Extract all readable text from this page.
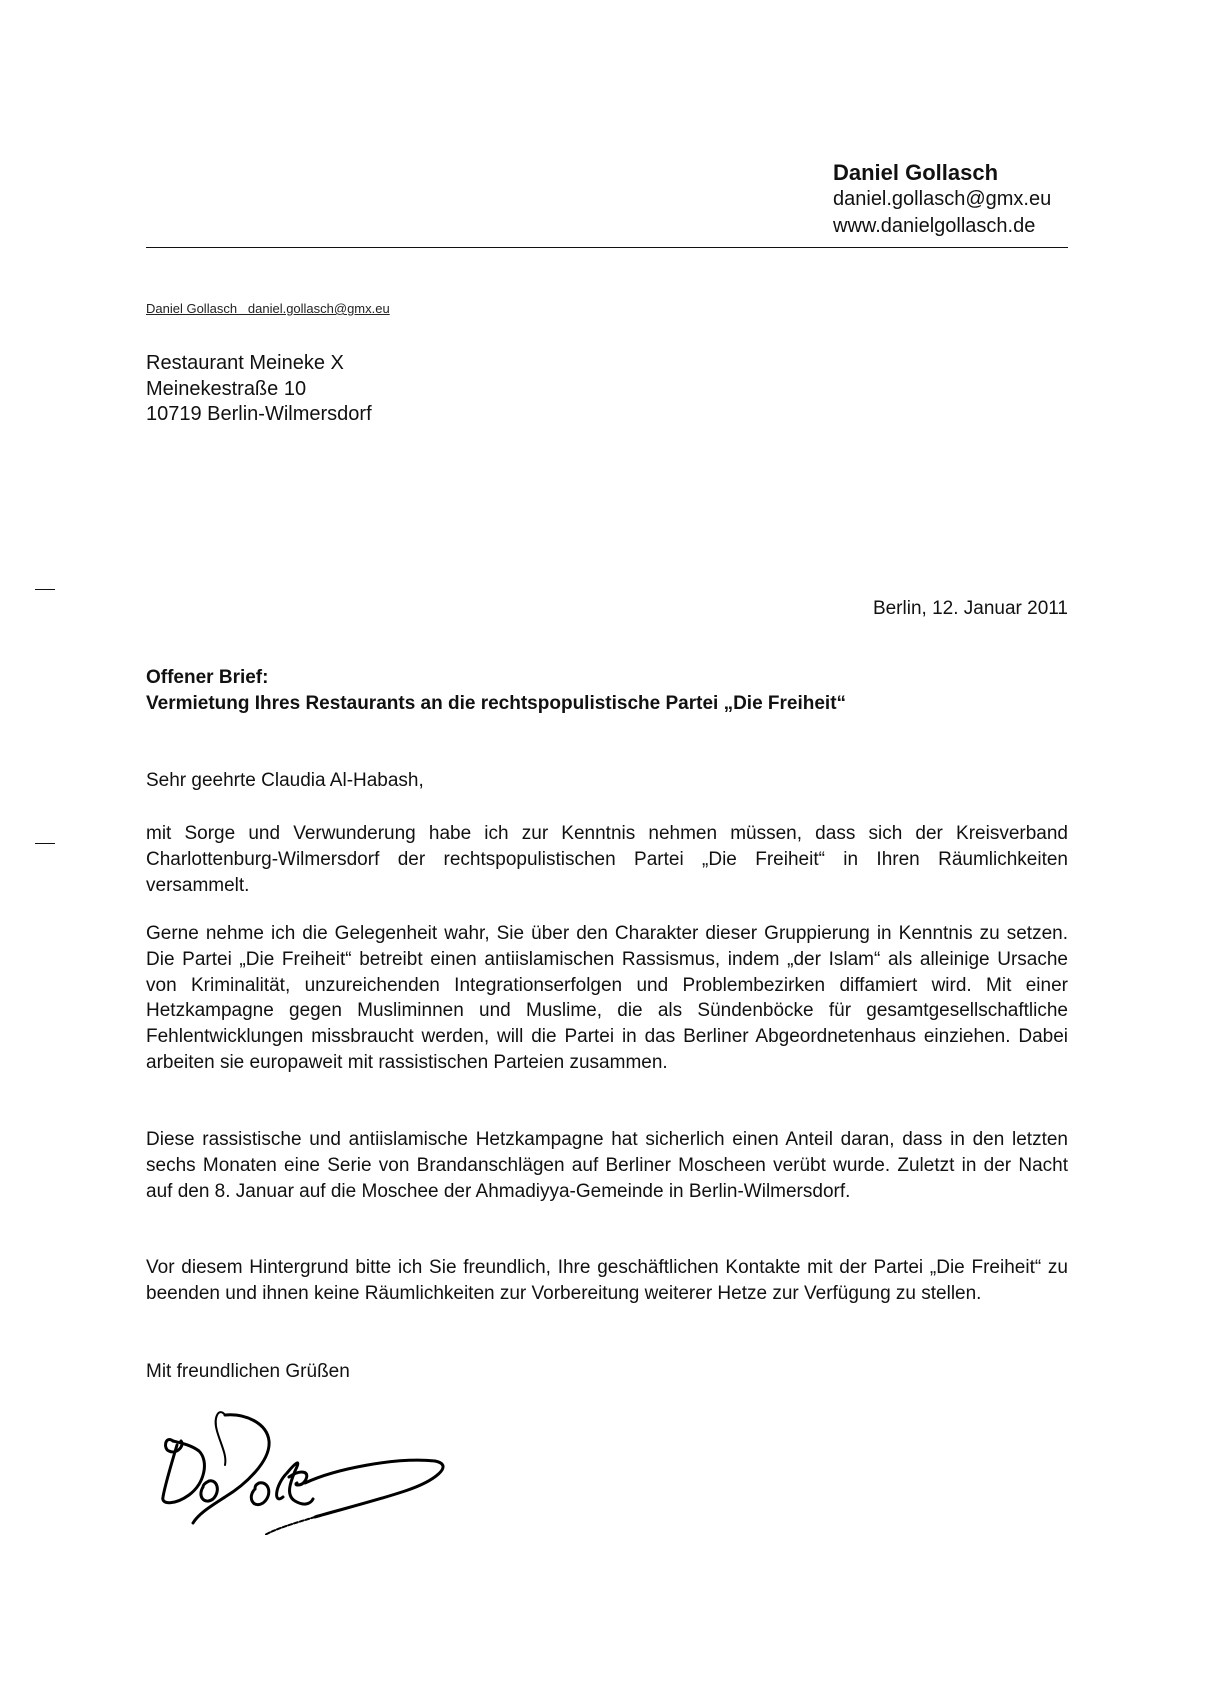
Daniel Gollasch
daniel.gollasch@gmx.eu
www.danielgollasch.de
Daniel Gollasch   daniel.gollasch@gmx.eu
Restaurant Meineke X
Meinekestraße 10
10719 Berlin-Wilmersdorf
Berlin, 12. Januar 2011
Offener Brief:
Vermietung Ihres Restaurants an die rechtspopulistische Partei „Die Freiheit“
Sehr geehrte Claudia Al-Habash,

mit Sorge und Verwunderung habe ich zur Kenntnis nehmen müssen, dass sich der Kreisverband Charlottenburg-Wilmersdorf der rechtspopulistischen Partei „Die Freiheit“ in Ihren Räumlichkeiten versammelt.

Gerne nehme ich die Gelegenheit wahr, Sie über den Charakter dieser Gruppierung in Kenntnis zu setzen. Die Partei „Die Freiheit“ betreibt einen antiislamischen Rassismus, indem „der Islam“ als alleinige Ursache von Kriminalität, unzureichenden Integrationserfolgen und Problembezirken diffamiert wird. Mit einer Hetzkampagne gegen Musliminnen und Muslime, die als Sündenböcke für gesamtgesellschaftliche Fehlentwicklungen missbraucht werden, will die Partei in das Berliner Abgeordnetenhaus einziehen. Dabei arbeiten sie europaweit mit rassistischen Parteien zusammen.

Diese rassistische und antiislamische Hetzkampagne hat sicherlich einen Anteil daran, dass in den letzten sechs Monaten eine Serie von Brandanschlägen auf Berliner Moscheen verübt wurde. Zuletzt in der Nacht auf den 8. Januar auf die Moschee der Ahmadiyya-Gemeinde in Berlin-Wilmersdorf.

Vor diesem Hintergrund bitte ich Sie freundlich, Ihre geschäftlichen Kontakte mit der Partei „Die Freiheit“ zu beenden und ihnen keine Räumlichkeiten zur Vorbereitung weiterer Hetze zur Verfügung zu stellen.

Mit freundlichen Grüßen
